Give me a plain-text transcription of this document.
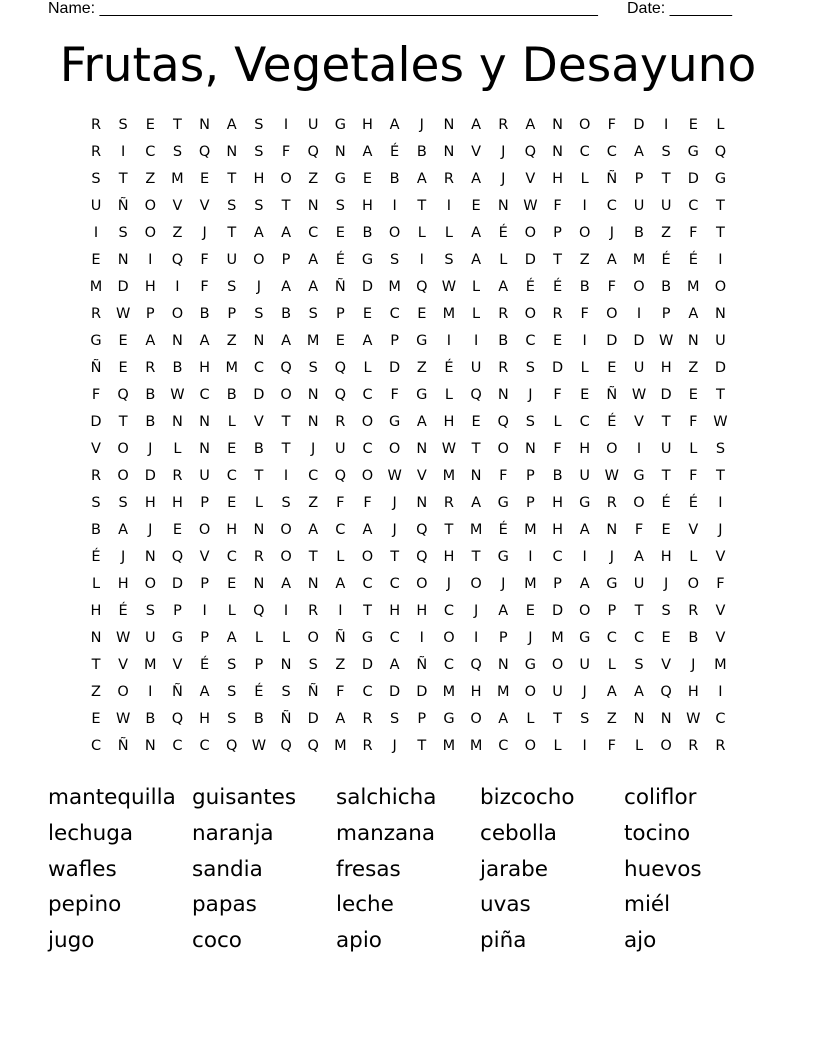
Name: ________________________________________________________ Date: _______
Frutas, Vegetales y Desayuno
R	S	E	T	N	A	S	I	U	G	H	A	J	N	A	R	A	N	O	F	D	I	E	L
R	I	C	S	Q	N	S	F	Q	N	A	É	B	N	V	J	Q	N	C	C	A	S	G	Q
S	T	Z	M	E	T	H	O	Z	G	E	B	A	R	A	J	V	H	L	Ñ	P	T	D	G
U	Ñ	O	V	V	S	S	T	N	S	H	I	T	I	E	N	W	F	I	C	U	U	C	T
I	S	O	Z	J	T	A	A	C	E	B	O	L	L	A	É	O	P	O	J	B	Z	F	T
E	N	I	Q	F	U	O	P	A	É	G	S	I	S	A	L	D	T	Z	A	M	É	É	I
M	D	H	I	F	S	J	A	A	Ñ	D	M	Q W	L	A	É	É	B	F	O	B	M	O
R	W	P	O	B	P	S	B	S	P	E	C	E	M	L	R	O	R	F	O	I	P	A	N
G	E	A	N	A	Z	N	A	M	E	A	P	G	I	I	B	C	E	I	D	D W	N	U
Ñ	E	R	B	H	M	C	Q	S	Q	L	D	Z	É	U	R	S	D	L	E	U	H	Z	D
F	Q	B	W	C	B	D	O	N	Q	C	F	G	L	Q	N	J	F	E	Ñ	W D	E	T
D	T	B	N	N	L	V	T	N	R	O	G	A	H	E	Q	S	L	C	É	V	T	F	W
V	O	J	L	N	E	B	T	J	U	C	O	N	W	T	O	N	F	H	O	I	U	L	S
R	O	D	R	U	C	T	I	C	Q	O W	V	M	N	F	P	B	U	W G	T	F	T
S	S	H	H	P	E	L	S	Z	F	F	J	N	R	A	G	P	H	G	R	O	É	É	I
B	A	J	E	O	H	N	O	A	C	A	J	Q	T	M	É	M	H	A	N	F	E	V	J
É	J	N	Q	V	C	R	O	T	L	O	T	Q	H	T	G	I	C	I	J	A	H	L	V
L	H	O	D	P	E	N	A	N	A	C	C	O	J	O	J	M	P	A	G	U	J	O	F
H	É	S	P	I	L	Q	I	R	I	T	H	H	C	J	A	E	D	O	P	T	S	R	V
N	W	U	G	P	A	L	L	O	Ñ	G	C	I	O	I	P	J	M	G	C	C	E	B	V
T	V	M	V	É	S	P	N	S	Z	D	A	Ñ	C	Q	N	G	O	U	L	S	V	J	M
Z	O	I	Ñ	A	S	É	S	Ñ	F	C	D	D	M	H	M	O	U	J	A	A	Q	H	I
E	W	B	Q	H	S	B	Ñ	D	A	R	S	P	G	O	A	L	T	S	Z	N	N	W	C
C	Ñ	N	C	C	Q W Q	Q	M	R	J	T	M	M	C	O	L	I	F	L	O	R	R
mantequilla
lechuga
wafles
pepino
jugo
guisantes
naranja
sandia
papas
coco
salchicha
manzana
fresas
leche
apio
bizcocho
cebolla
jarabe
uvas
piña
coliflor
tocino
huevos
miél
ajo
